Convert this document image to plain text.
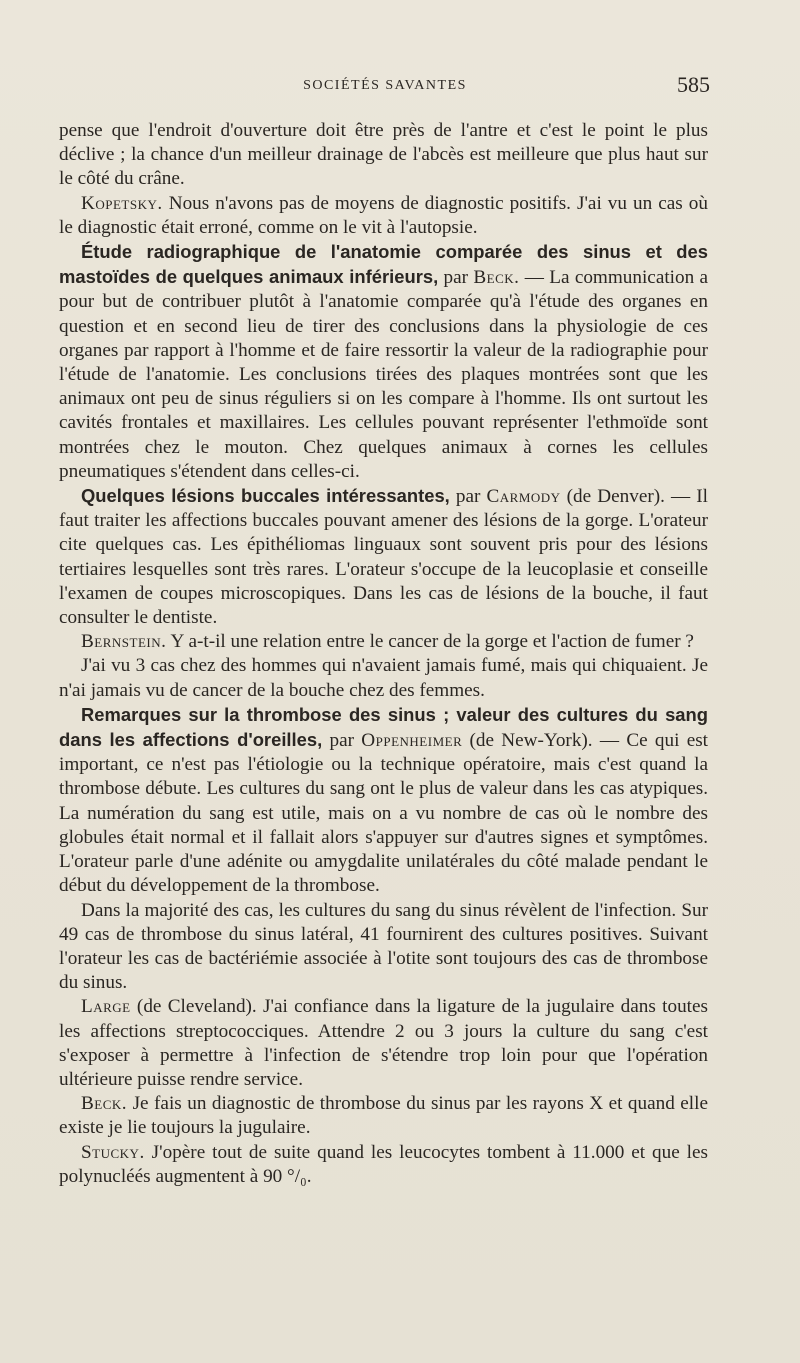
SOCIÉTÉS SAVANTES	585

pense que l'endroit d'ouverture doit être près de l'antre et c'est le point le plus déclive ; la chance d'un meilleur drainage de l'abcès est meilleure que plus haut sur le côté du crâne.

Kopetsky. Nous n'avons pas de moyens de diagnostic positifs. J'ai vu un cas où le diagnostic était erroné, comme on le vit à l'autopsie.

Étude radiographique de l'anatomie comparée des sinus et des mastoïdes de quelques animaux inférieurs, par Beck. — La communication a pour but de contribuer plutôt à l'anatomie comparée qu'à l'étude des organes en question et en second lieu de tirer des conclusions dans la physiologie de ces organes par rapport à l'homme et de faire ressortir la valeur de la radiographie pour l'étude de l'anatomie. Les conclusions tirées des plaques montrées sont que les animaux ont peu de sinus réguliers si on les compare à l'homme. Ils ont surtout les cavités frontales et maxillaires. Les cellules pouvant représenter l'ethmoïde sont montrées chez le mouton. Chez quelques animaux à cornes les cellules pneumatiques s'étendent dans celles-ci.

Quelques lésions buccales intéressantes, par Carmody (de Denver). — Il faut traiter les affections buccales pouvant amener des lésions de la gorge. L'orateur cite quelques cas. Les épithéliomas linguaux sont souvent pris pour des lésions tertiaires lesquelles sont très rares. L'orateur s'occupe de la leucoplasie et conseille l'examen de coupes microscopiques. Dans les cas de lésions de la bouche, il faut consulter le dentiste.

Bernstein. Y a-t-il une relation entre le cancer de la gorge et l'action de fumer ?

J'ai vu 3 cas chez des hommes qui n'avaient jamais fumé, mais qui chiquaient. Je n'ai jamais vu de cancer de la bouche chez des femmes.

Remarques sur la thrombose des sinus ; valeur des cultures du sang dans les affections d'oreilles, par Oppenheimer (de New-York). — Ce qui est important, ce n'est pas l'étiologie ou la technique opératoire, mais c'est quand la thrombose débute. Les cultures du sang ont le plus de valeur dans les cas atypiques. La numération du sang est utile, mais on a vu nombre de cas où le nombre des globules était normal et il fallait alors s'appuyer sur d'autres signes et symptômes. L'orateur parle d'une adénite ou amygdalite unilatérales du côté malade pendant le début du développement de la thrombose.

Dans la majorité des cas, les cultures du sang du sinus révèlent de l'infection. Sur 49 cas de thrombose du sinus latéral, 41 fournirent des cultures positives. Suivant l'orateur les cas de bactériémie associée à l'otite sont toujours des cas de thrombose du sinus.

Large (de Cleveland). J'ai confiance dans la ligature de la jugulaire dans toutes les affections streptococciques. Attendre 2 ou 3 jours la culture du sang c'est s'exposer à permettre à l'infection de s'étendre trop loin pour que l'opération ultérieure puisse rendre service.

Beck. Je fais un diagnostic de thrombose du sinus par les rayons X et quand elle existe je lie toujours la jugulaire.

Stucky. J'opère tout de suite quand les leucocytes tombent à 11.000 et que les polynucléés augmentent à 90 °/₀.
